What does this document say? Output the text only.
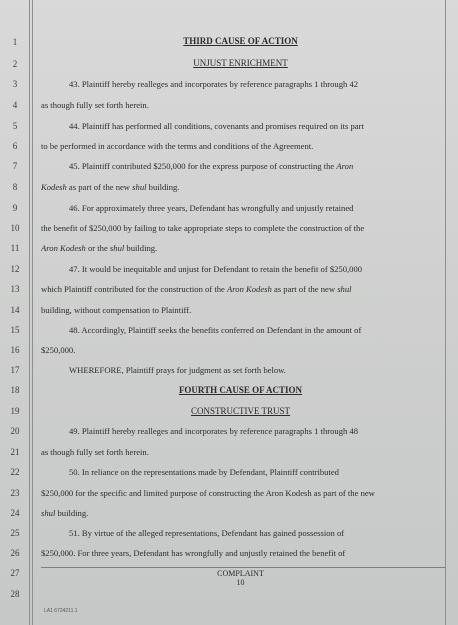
1
2
3
4
5
6
7
8
9
10
11
12
13
14
15
16
17
18
19
20
21
22
23
24
25
26
27
28
THIRD CAUSE OF ACTION
UNJUST ENRICHMENT
43. Plaintiff hereby realleges and incorporates by reference paragraphs 1 through 42
as though fully set forth herein.
44. Plaintiff has performed all conditions, covenants and promises required on its part
to be performed in accordance with the terms and conditions of the Agreement.
45. Plaintiff contributed $250,000 for the express purpose of constructing the Aron
Kodesh as part of the new shul building.
46. For approximately three years, Defendant has wrongfully and unjustly retained
the benefit of $250,000 by failing to take appropriate steps to complete the construction of the
Aron Kodesh or the shul building.
47. It would be inequitable and unjust for Defendant to retain the benefit of $250,000
which Plaintiff contributed for the construction of the Aron Kodesh as part of the new shul
building, without compensation to Plaintiff.
48. Accordingly, Plaintiff seeks the benefits conferred on Defendant in the amount of
$250,000.
WHEREFORE, Plaintiff prays for judgment as set forth below.
FOURTH CAUSE OF ACTION
CONSTRUCTIVE TRUST
49. Plaintiff hereby realleges and incorporates by reference paragraphs 1 through 48
as though fully set forth herein.
50. In reliance on the representations made by Defendant, Plaintiff contributed
$250,000 for the specific and limited purpose of constructing the Aron Kodesh as part of the new
shul building.
51. By virtue of the alleged representations, Defendant has gained possession of
$250,000. For three years, Defendant has wrongfully and unjustly retained the benefit of
COMPLAINT
10
LA1 6724211.1
